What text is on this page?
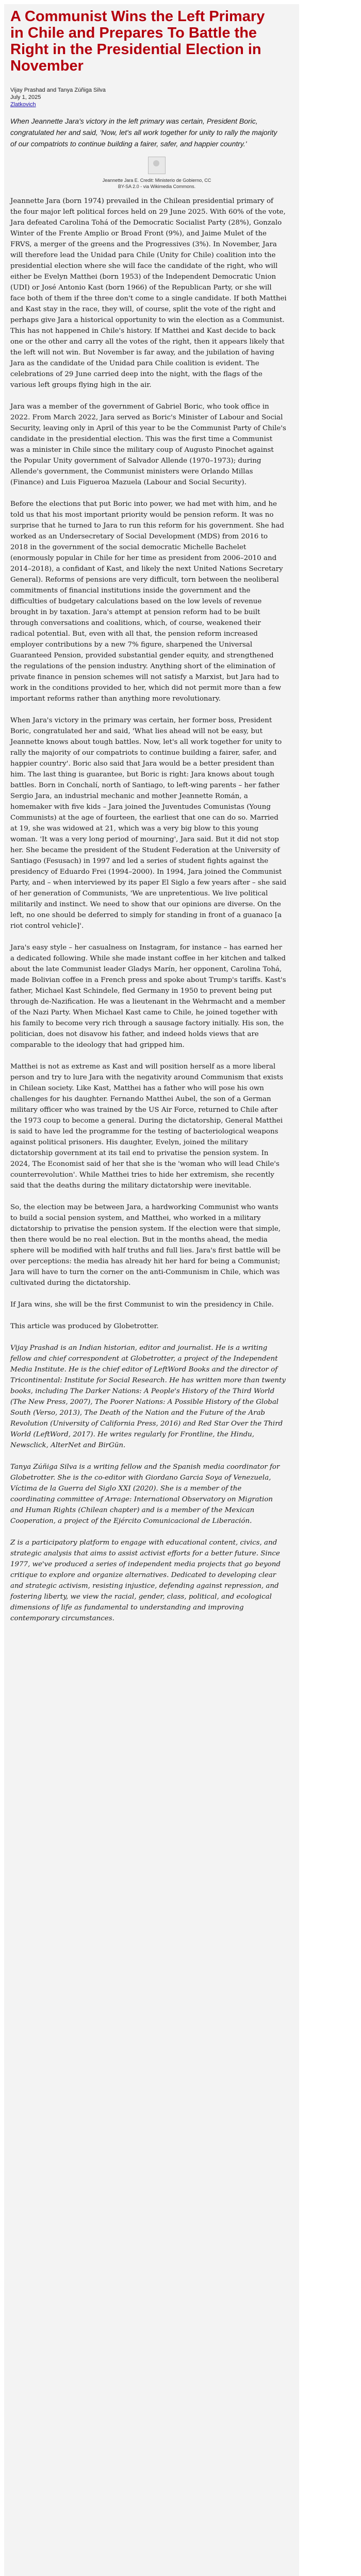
A Communist Wins the Left Primary in Chile and Prepares To Battle the Right in the Presidential Election in November
Vijay Prashad and Tanya Zúñiga Silva
July 1, 2025
Zlatkovich
When Jeannette Jara's victory in the left primary was certain, President Boric, congratulated her and said, 'Now, let's all work together for unity to rally the majority of our compatriots to continue building a fairer, safer, and happier country.'
Jeannette Jara E. Credit: Ministerio de Gobierno, CC
BY-SA 2.0 - via Wikimedia Commons.

Jeannette Jara (born 1974) prevailed in the Chilean presidential primary of the four major left political forces held on 29 June 2025. With 60% of the vote, Jara defeated Carolina Tohá of the Democratic Socialist Party (28%), Gonzalo Winter of the Frente Amplio or Broad Front (9%), and Jaime Mulet of the FRVS, a merger of the greens and the Progressives (3%). In November, Jara will therefore lead the Unidad para Chile (Unity for Chile) coalition into the presidential election where she will face the candidate of the right, who will either be Evelyn Matthei (born 1953) of the Independent Democratic Union (UDI) or José Antonio Kast (born 1966) of the Republican Party, or she will face both of them if the three don't come to a single candidate. If both Matthei and Kast stay in the race, they will, of course, split the vote of the right and perhaps give Jara a historical opportunity to win the election as a Communist. This has not happened in Chile's history. If Matthei and Kast decide to back one or the other and carry all the votes of the right, then it appears likely that the left will not win. But November is far away, and the jubilation of having Jara as the candidate of the Unidad para Chile coalition is evident. The celebrations of 29 June carried deep into the night, with the flags of the various left groups flying high in the air.

Jara was a member of the government of Gabriel Boric, who took office in 2022. From March 2022, Jara served as Boric's Minister of Labour and Social Security, leaving only in April of this year to be the Communist Party of Chile's candidate in the presidential election. This was the first time a Communist was a minister in Chile since the military coup of Augusto Pinochet against the Popular Unity government of Salvador Allende (1970–1973); during Allende's government, the Communist ministers were Orlando Millas (Finance) and Luis Figueroa Mazuela (Labour and Social Security).

Before the elections that put Boric into power, we had met with him, and he told us that his most important priority would be pension reform. It was no surprise that he turned to Jara to run this reform for his government. She had worked as an Undersecretary of Social Development (MDS) from 2016 to 2018 in the government of the social democratic Michelle Bachelet (enormously popular in Chile for her time as president from 2006–2010 and 2014–2018), a confidant of Kast, and likely the next United Nations Secretary General). Reforms of pensions are very difficult, torn between the neoliberal commitments of financial institutions inside the government and the difficulties of budgetary calculations based on the low levels of revenue brought in by taxation. Jara's attempt at pension reform had to be built through conversations and coalitions, which, of course, weakened their radical potential. But, even with all that, the pension reform increased employer contributions by a new 7% figure, sharpened the Universal Guaranteed Pension, provided substantial gender equity, and strengthened the regulations of the pension industry. Anything short of the elimination of private finance in pension schemes will not satisfy a Marxist, but Jara had to work in the conditions provided to her, which did not permit more than a few important reforms rather than anything more revolutionary.

When Jara's victory in the primary was certain, her former boss, President Boric, congratulated her and said, 'What lies ahead will not be easy, but Jeannette knows about tough battles. Now, let's all work together for unity to rally the majority of our compatriots to continue building a fairer, safer, and happier country'. Boric also said that Jara would be a better president than him. The last thing is guarantee, but Boric is right: Jara knows about tough battles. Born in Conchalí, north of Santiago, to left-wing parents – her father Sergio Jara, an industrial mechanic and mother Jeannette Román, a homemaker with five kids – Jara joined the Juventudes Comunistas (Young Communists) at the age of fourteen, the earliest that one can do so. Married at 19, she was widowed at 21, which was a very big blow to this young woman. 'It was a very long period of mourning', Jara said. But it did not stop her. She became the president of the Student Federation at the University of Santiago (Fesusach) in 1997 and led a series of student fights against the presidency of Eduardo Frei (1994–2000). In 1994, Jara joined the Communist Party, and – when interviewed by its paper El Siglo a few years after – she said of her generation of Communists, 'We are unpretentious. We live political militarily and instinct. We need to show that our opinions are diverse. On the left, no one should be deferred to simply for standing in front of a guanaco [a riot control vehicle]'.

Jara's easy style – her casualness on Instagram, for instance – has earned her a dedicated following. While she made instant coffee in her kitchen and talked about the late Communist leader Gladys Marín, her opponent, Carolina Tohá, made Bolivian coffee in a French press and spoke about Trump's tariffs. Kast's father, Michael Kast Schindele, fled Germany in 1950 to prevent being put through de-Nazification. He was a lieutenant in the Wehrmacht and a member of the Nazi Party. When Michael Kast came to Chile, he joined together with his family to become very rich through a sausage factory initially. His son, the politician, does not disavow his father, and indeed holds views that are comparable to the ideology that had gripped him.

Matthei is not as extreme as Kast and will position herself as a more liberal person and try to lure Jara with the negativity around Communism that exists in Chilean society. Like Kast, Matthei has a father who will pose his own challenges for his daughter. Fernando Matthei Aubel, the son of a German military officer who was trained by the US Air Force, returned to Chile after the 1973 coup to become a general. During the dictatorship, General Matthei is said to have led the programme for the testing of bacteriological weapons against political prisoners. His daughter, Evelyn, joined the military dictatorship government at its tail end to privatise the pension system. In 2024, The Economist said of her that she is the 'woman who will lead Chile's counterrevolution'. While Matthei tries to hide her extremism, she recently said that the deaths during the military dictatorship were inevitable.

So, the election may be between Jara, a hardworking Communist who wants to build a social pension system, and Matthei, who worked in a military dictatorship to privatise the pension system. If the election were that simple, then there would be no real election. But in the months ahead, the media sphere will be modified with half truths and full lies. Jara's first battle will be over perceptions: the media has already hit her hard for being a Communist; Jara will have to turn the corner on the anti-Communism in Chile, which was cultivated during the dictatorship.

If Jara wins, she will be the first Communist to win the presidency in Chile.

This article was produced by Globetrotter.

Vijay Prashad is an Indian historian, editor and journalist. He is a writing fellow and chief correspondent at Globetrotter, a project of the Independent Media Institute. He is the chief editor of LeftWord Books and the director of Tricontinental: Institute for Social Research. He has written more than twenty books, including The Darker Nations: A People's History of the Third World (The New Press, 2007), The Poorer Nations: A Possible History of the Global South (Verso, 2013), The Death of the Nation and the Future of the Arab Revolution (University of California Press, 2016) and Red Star Over the Third World (LeftWord, 2017). He writes regularly for Frontline, the Hindu, Newsclick, AlterNet and BirGün.

Tanya Zúñiga Silva is a writing fellow and the Spanish media coordinator for Globetrotter. She is the co-editor with Giordano Garcia Soya of Venezuela, Víctima de la Guerra del Siglo XXI (2020). She is a member of the coordinating committee of Arrage: International Observatory on Migration and Human Rights (Chilean chapter) and is a member of the Mexican Cooperation, a project of the Ejército Comunicacional de Liberación.

Z is a participatory platform to engage with educational content, civics, and strategic analysis that aims to assist activist efforts for a better future. Since 1977, we've produced a series of independent media projects that go beyond critique to explore and organize alternatives. Dedicated to developing clear and strategic activism, resisting injustice, defending against repression, and fostering liberty, we view the racial, gender, class, political, and ecological dimensions of life as fundamental to understanding and improving contemporary circumstances.
